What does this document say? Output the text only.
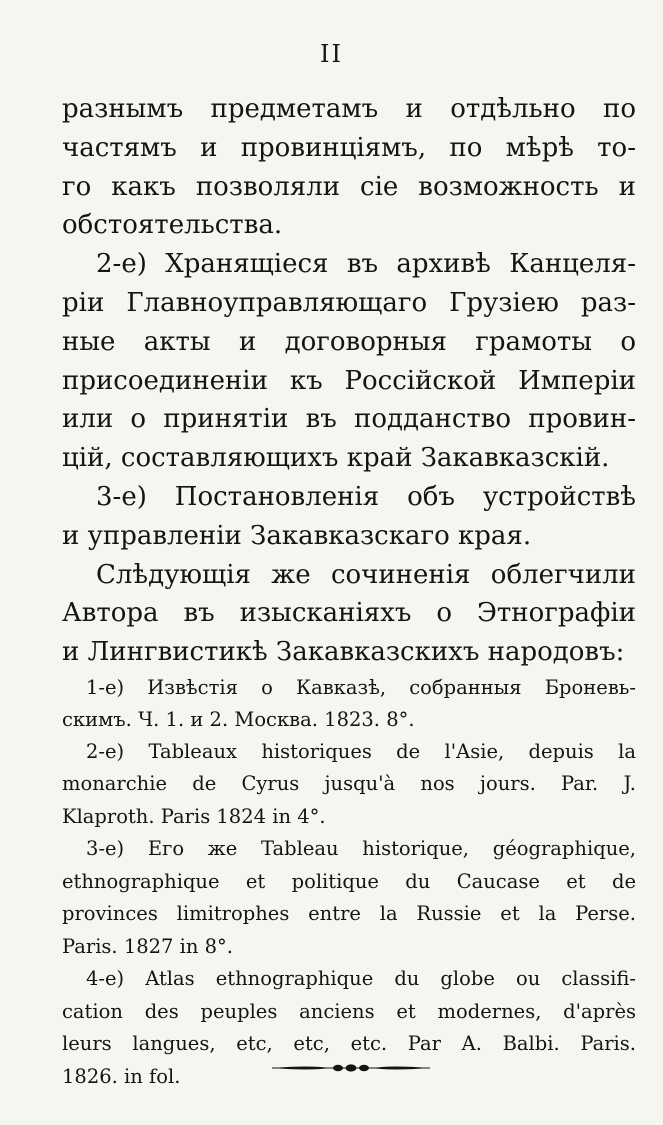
II
разнымъ предметамъ и отдѣльно по
частямъ и провинціямъ, по мѣрѣ то-
го какъ позволяли сіе возможность и
обстоятельства.
2-е) Хранящіеся въ архивѣ Канцеля-
ріи Главноуправляющаго Грузіею раз-
ные акты и договорныя грамоты о
присоединеніи къ Россійской Имперіи
или о принятіи въ подданство провин-
цій, составляющихъ край Закавказскій.
3-е) Постановленія объ устройствѣ
и управленіи Закавказскаго края.
Слѣдующія же сочиненія облегчили
Автора въ изысканіяхъ о Этнографіи
и Лингвистикѣ Закавказскихъ народовъ:
1-е) Извѣстія о Кавказѣ, собранныя Броневь-
скимъ. Ч. 1. и 2. Москва. 1823. 8°.
2-е) Tableaux historiques de l'Asie, depuis la
monarchie de Cyrus jusqu'à nos jours. Par. J.
Klaproth. Paris 1824 in 4°.
3-е) Его же Tableau historique, géographique,
ethnographique et politique du Caucase et de
provinces limitrophes entre la Russie et la Perse.
Paris. 1827 in 8°.
4-е) Atlas ethnographique du globe ou classifi-
cation des peuples anciens et modernes, d'après
leurs langues, etc, etc, etc. Par A. Balbi. Paris.
1826. in fol.
